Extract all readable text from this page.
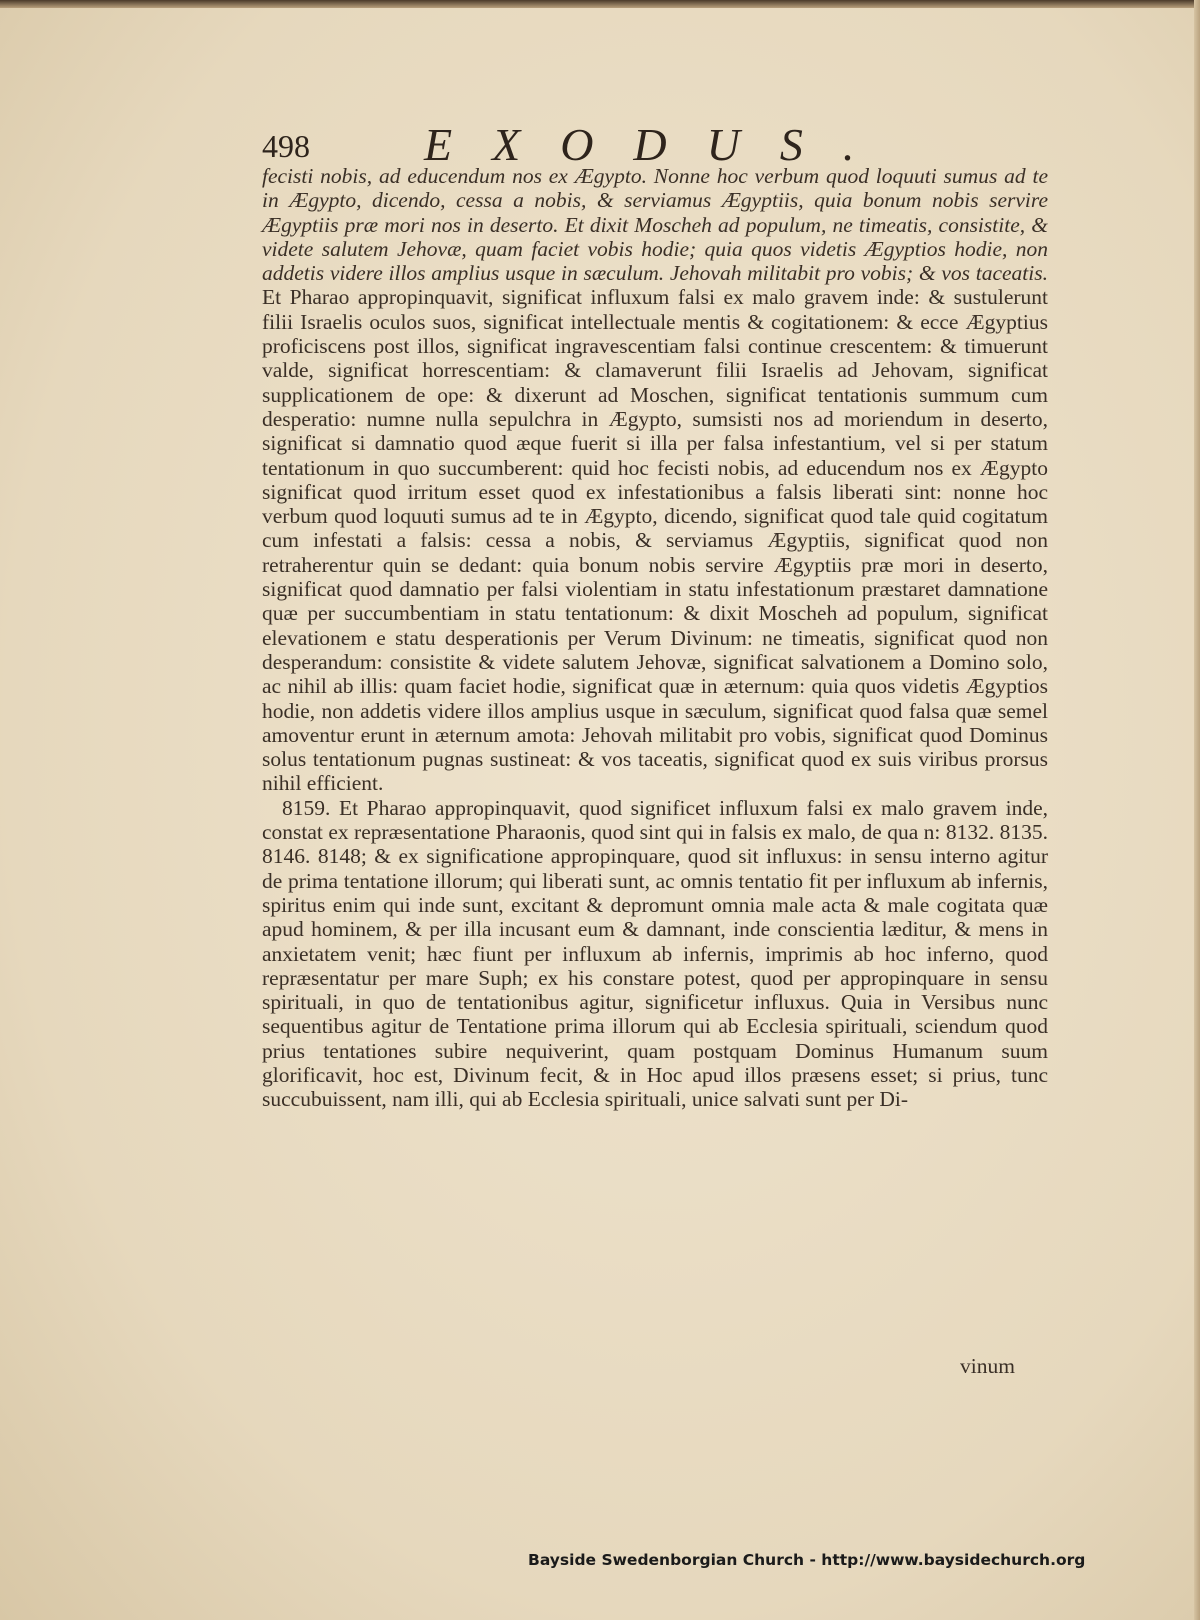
498 EXODUS.

fecisti nobis, ad educendum nos ex Ægypto. Nonne hoc verbum quod loquuti sumus ad te in Ægypto, dicendo, cessa a nobis, & serviamus Ægyptiis, quia bonum nobis servire Ægyptiis præ mori nos in deserto. Et dixit Moscheh ad populum, ne timeatis, consistite, & videte salutem Jehovæ, quam faciet vobis hodie; quia quos videtis Ægyptios hodie, non addetis videre illos amplius usque in sæculum. Jehovah militabit pro vobis; & vos taceatis. Et Pharao appropinquavit, significat influxum falsi ex malo gravem inde: & sustulerunt filii Israelis oculos suos, significat intellectuale mentis & cogitationem: & ecce Ægyptius proficiscens post illos, significat ingravescentiam falsi continue crescentem: & timuerunt valde, significat horrescentiam: & clamaverunt filii Israelis ad Jehovam, significat supplicationem de ope: & dixerunt ad Moschen, significat tentationis summum cum desperatio: numne nulla sepulchra in Ægypto, sumsisti nos ad moriendum in deserto, significat si damnatio quod æque fuerit si illa per falsa infestantium, vel si per statum tentationum in quo succumberent: quid hoc fecisti nobis, ad educendum nos ex Ægypto significat quod irritum esset quod ex infestationibus a falsis liberati sint: nonne hoc verbum quod loquuti sumus ad te in Ægypto, dicendo, significat quod tale quid cogitatum cum infestati a falsis: cessa a nobis, & serviamus Ægyptiis, significat quod non retraherentur quin se dedant: quia bonum nobis servire Ægyptiis præ mori in deserto, significat quod damnatio per falsi violentiam in statu infestationum præstaret damnatione quæ per succumbentiam in statu tentationum: & dixit Moscheh ad populum, significat elevationem e statu desperationis per Verum Divinum: ne timeatis, significat quod non desperandum: consistite & videte salutem Jehovæ, significat salvationem a Domino solo, ac nihil ab illis: quam faciet hodie, significat quæ in æternum: quia quos videtis Ægyptios hodie, non addetis videre illos amplius usque in sæculum, significat quod falsa quæ semel amoventur erunt in æternum amota: Jehovah militabit pro vobis, significat quod Dominus solus tentationum pugnas sustineat: & vos taceatis, significat quod ex suis viribus prorsus nihil efficient.

8159. Et Pharao appropinquavit, quod significet influxum falsi ex malo gravem inde, constat ex repræsentatione Pharaonis, quod sint qui in falsis ex malo, de qua n: 8132. 8135. 8146. 8148; & ex significatione appropinquare, quod sit influxus: in sensu interno agitur de prima tentatione illorum; qui liberati sunt, ac omnis tentatio fit per influxum ab infernis, spiritus enim qui inde sunt, excitant & depromunt omnia male acta & male cogitata quæ apud hominem, & per illa incusant eum & damnant, inde conscientia læditur, & mens in anxietatem venit; hæc fiunt per influxum ab infernis, imprimis ab hoc inferno, quod repræsentatur per mare Suph; ex his constare potest, quod per appropinquare in sensu spirituali, in quo de tentationibus agitur, significetur influxus. Quia in Versibus nunc sequentibus agitur de Tentatione prima illorum qui ab Ecclesia spirituali, sciendum quod prius tentationes subire nequiverint, quam postquam Dominus Humanum suum glorificavit, hoc est, Divinum fecit, & in Hoc apud illos præsens esset; si prius, tunc succubuissent, nam illi, qui ab Ecclesia spirituali, unice salvati sunt per Di-

vinum
Bayside Swedenborgian Church - http://www.baysidechurch.org
